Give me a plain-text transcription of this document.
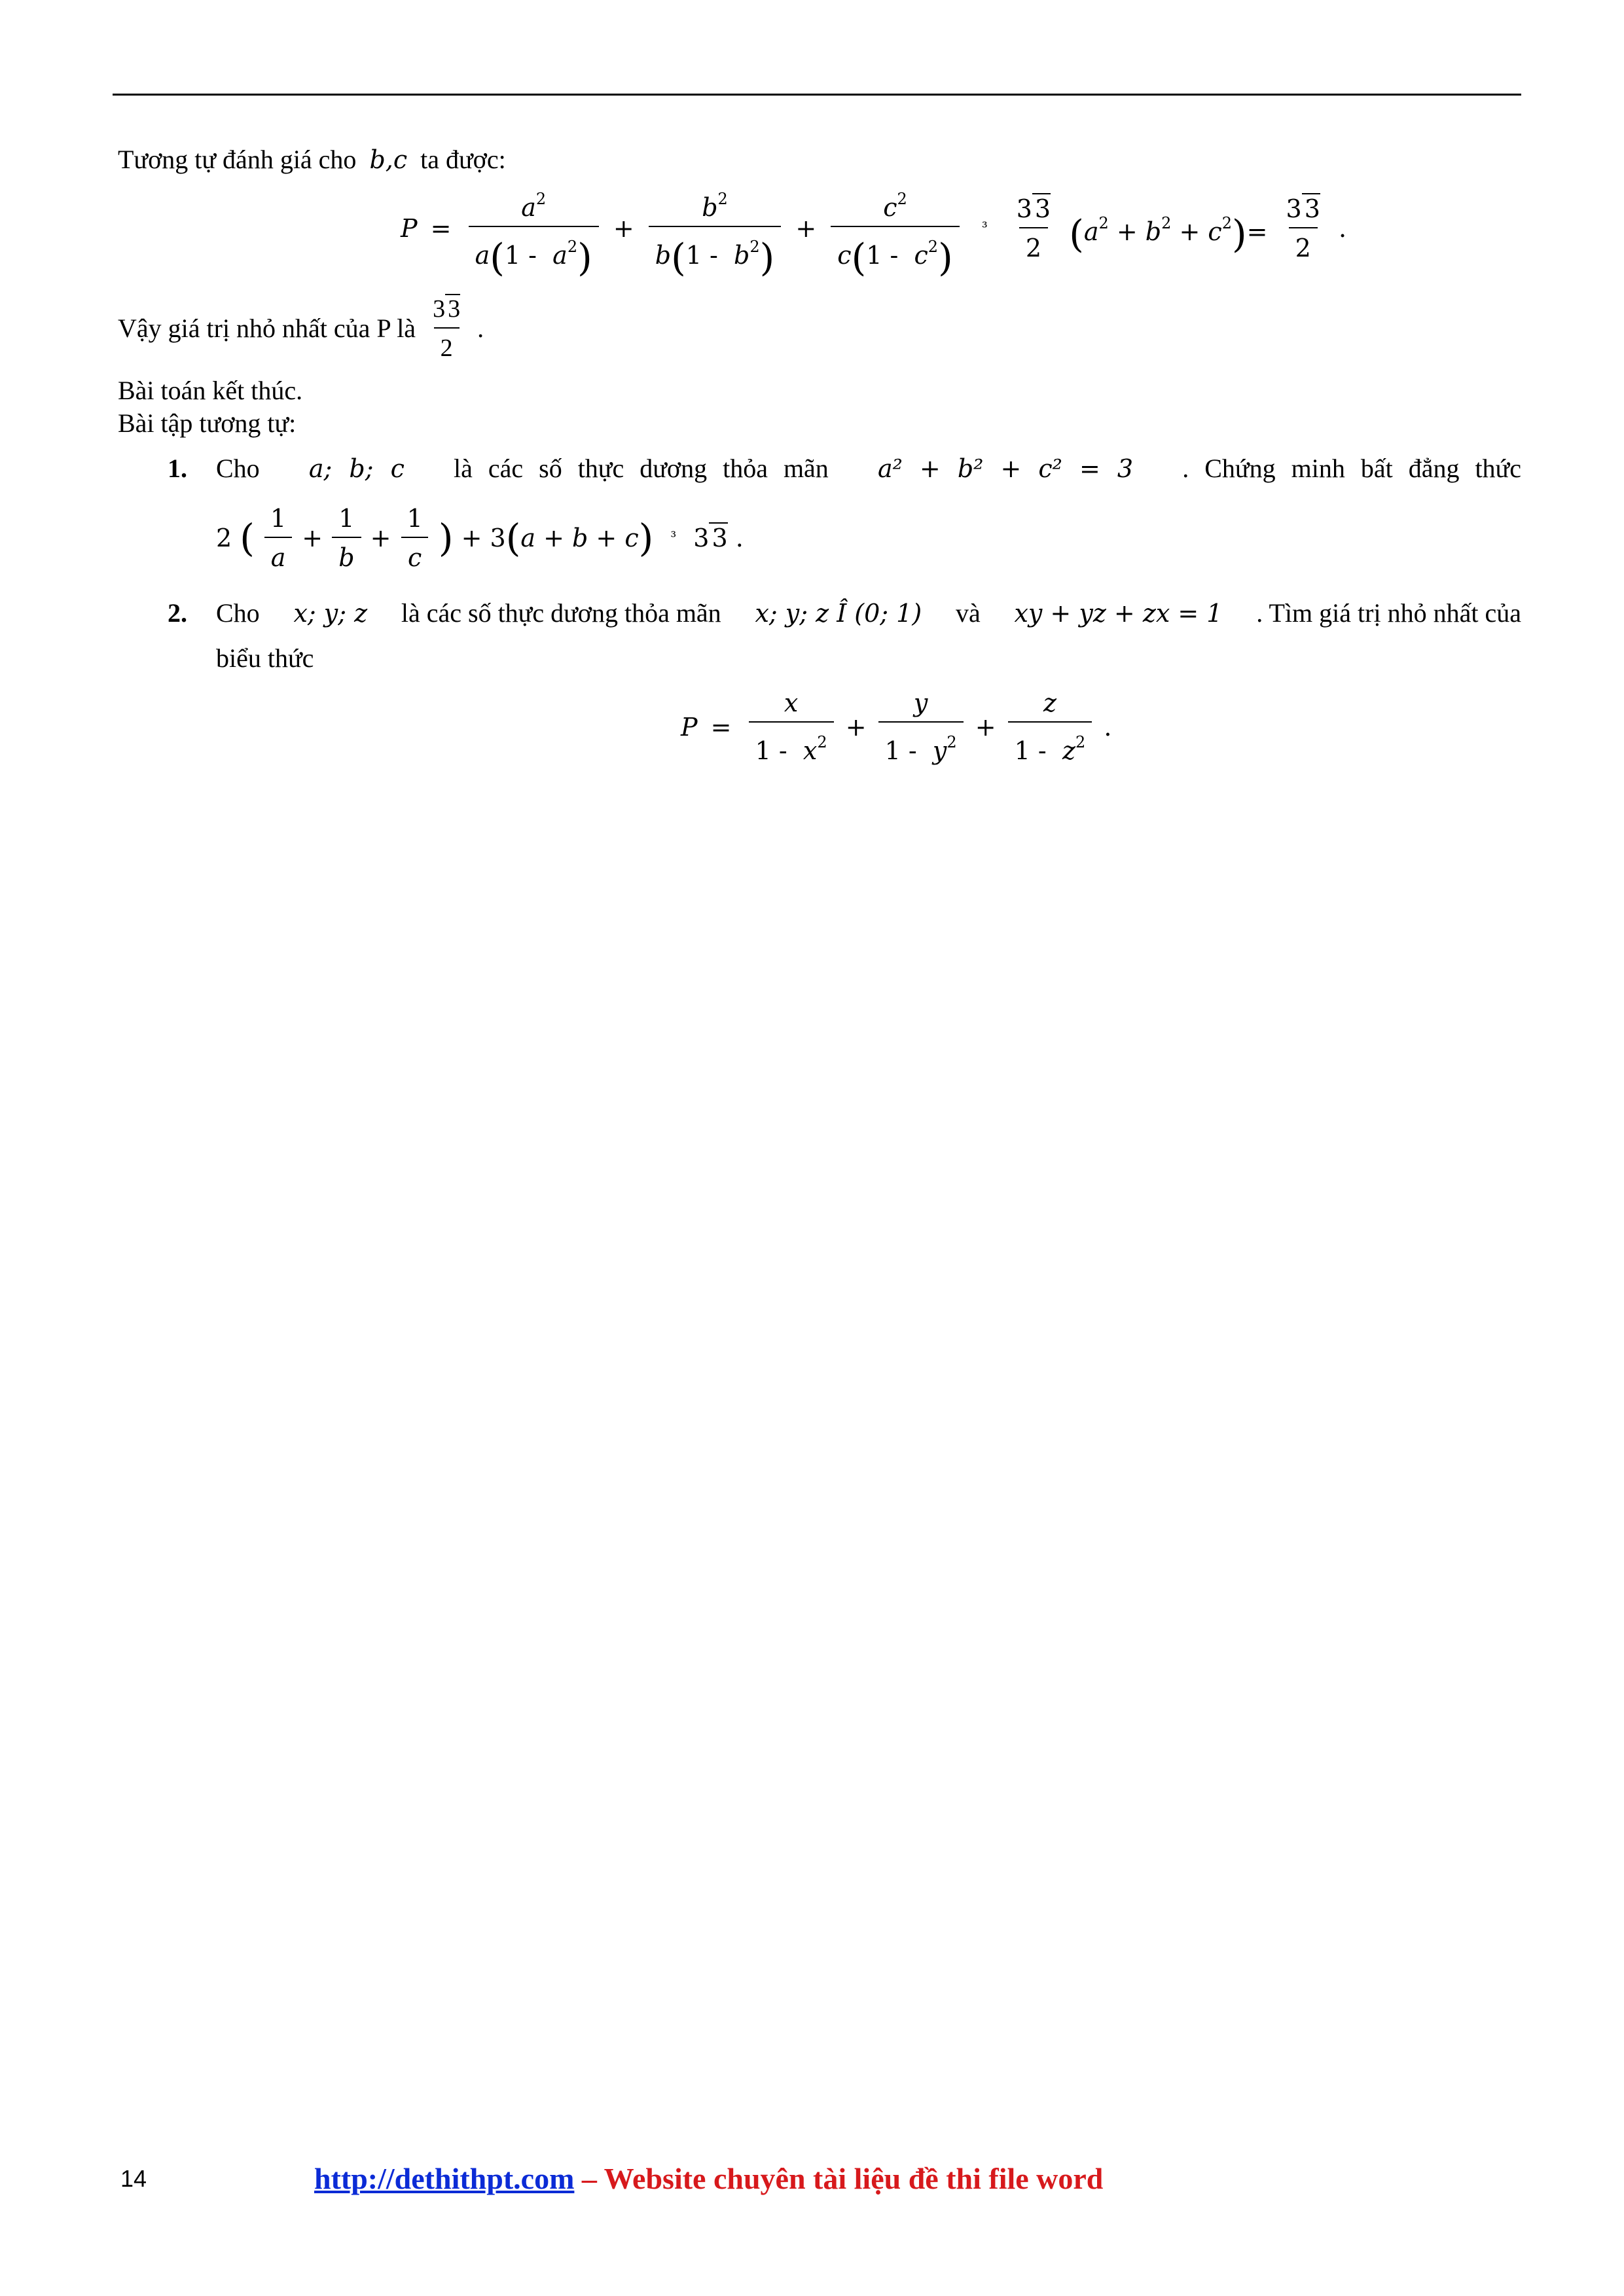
Tương tự đánh giá cho b,c ta được:
$P = \frac{a^2}{a(1 - a^2)} + \frac{b^2}{b(1 - b^2)} + \frac{c^2}{c(1 - c^2)} ^3 \frac{3 3}{2} (a^2 + b^2 + c^2)= \frac{3 3}{2}$ .
Vậy giá trị nhỏ nhất của P là $\frac{3 3}{2}$ .
Bài toán kết thúc.
Bài tập tương tự:
1. Cho a; b; c là các số thực dương thỏa mãn a² + b² + c² = 3 . Chứng minh bất đẳng thức
2 ( $\frac{1}{a} + \frac{1}{b} + \frac{1}{c}$ ) + 3(a + b + c) ³ 3 3 .
2. Cho x; y; z là các số thực dương thỏa mãn x; y; z Î (0; 1) và xy + yz + zx = 1 . Tìm giá trị nhỏ nhất của
biểu thức
$P = \frac{x}{1 - x^2} + \frac{y}{1 - y^2} + \frac{z}{1 - z^2}$ .
14	http://dethithpt.com – Website chuyên tài liệu đề thi file word
